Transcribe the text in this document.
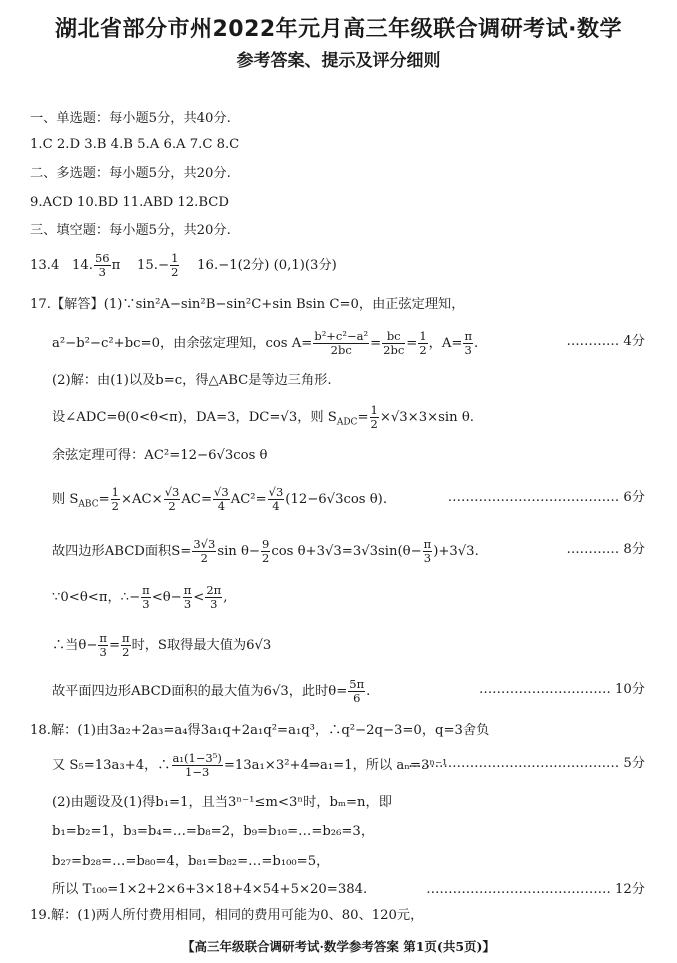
湖北省部分市州2022年元月高三年级联合调研考试·数学
参考答案、提示及评分细则
一、单选题：每小题5分，共40分.
1.C 2.D 3.B 4.B 5.A 6.A 7.C 8.C
二、多选题：每小题5分，共20分.
9.ACD 10.BD 11.ABD 12.BCD
三、填空题：每小题5分，共20分.
13.4 14. $\frac{56}{3}$ π $15.- \frac{1}{2} 16.-1(2$分) (0,1)(3分)
17.【解答】(1)∵sin²A−sin²B−sin²C+sin Bsin C=0，由正弦定理知，
a²−b²−c²+bc=0，由余弦定理知，$\cos A= \frac{\text{b²+c²−a²}}{2bc} = \frac{bc}{2bc} = \frac{1}{2}$ ，$A= \frac{\pi}{3}$ .	………… 4分
(2)解：由(1)以及b=c，得△ABC是等边三角形.
设∠ADC=θ(0<θ<π)，DA=3，DC=√3，则 $S_{ADC}= \frac{1}{2} \times√3\times 3\times\sin$ θ.
余弦定理可得：AC²=12−6√3cos θ
则 $S_{ABC}= \frac{1}{2} \times AC\times \frac{√3}{2} AC= \frac{√3}{4} AC^2= \frac{√3}{4} (12-6√3\cos$ θ).	………………………………… 6分
故四边形ABCD面积$S= \frac{3√3}{2}$ $\sin \theta- \frac{9}{2}$ $\cos \theta+3√3=3√3\sin(\theta- \frac{\pi}{3} )+3√3$.	………… 8分
∵0<θ<π，∴− $\frac{\pi}{3} <\theta- \frac{\pi}{3} < \frac{2\pi}{3}$ ,
∴当$\theta- \frac{\pi}{3} = \frac{\pi}{2}$ 时，S取得最大值为6√3
故平面四边形ABCD面积的最大值为6√3，此时$\theta= \frac{5\pi}{6}$ .	………………………… 10分
18.解：(1)由3a₂+2a₃=a₄得3a₁q+2a₁q²=a₁q³，∴q²−2q−3=0，q=3舍负
又 S₅=13a₃+4，∴ $\frac{\text{a₁(1−3⁵)}}{1-3}$ =13a₁×3²+4⇒a₁=1，所以 aₙ=3ⁿ⁻¹
………………………………………… 5分
(2)由题设及(1)得b₁=1，且当3ⁿ⁻¹≤m<3ⁿ时，bₘ=n，即
b₁=b₂=1，b₃=b₄=…=b₈=2，b₉=b₁₀=…=b₂₆=3，
b₂₇=b₂₈=…=b₈₀=4，b₈₁=b₈₂=…=b₁₀₀=5，
所以 T₁₀₀=1×2+2×6+3×18+4×54+5×20=384.	…………………………………… 12分
19.解：(1)两人所付费用相同，相同的费用可能为0、80、120元，
【高三年级联合调研考试·数学参考答案 第1页(共5页)】
